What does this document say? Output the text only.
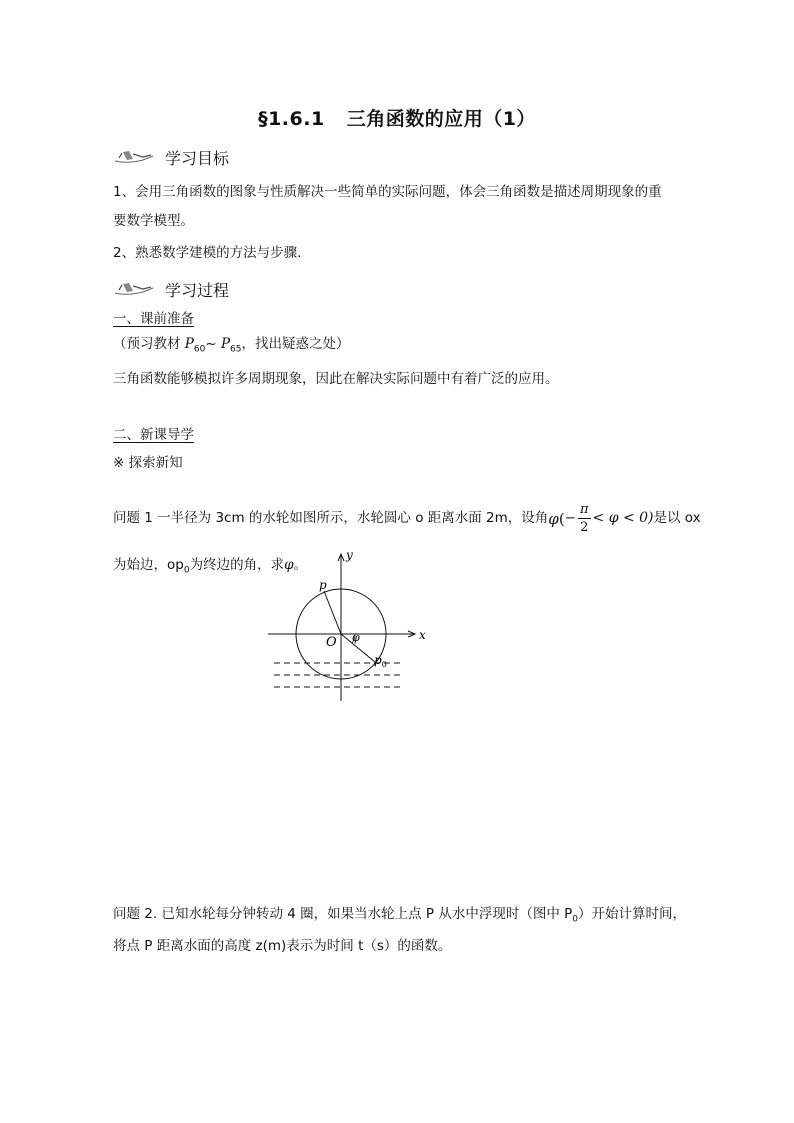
§1.6.1 三角函数的应用（1）
学习目标
1、会用三角函数的图象与性质解决一些简单的实际问题，体会三角函数是描述周期现象的重
要数学模型。
2、熟悉数学建模的方法与步骤.
学习过程
一、课前准备
（预习教材 $P_{60}\sim$ $P_{65}$，找出疑惑之处）
三角函数能够模拟许多周期现象，因此在解决实际问题中有着广泛的应用。
二、新课导学
※ 探索新知
问题 1 一半径为 3cm 的水轮如图所示，水轮圆心 o 距离水面 2m，设角 φ ( − $\frac{\pi}{2} < \varphi < 0$) 是以 ox
为始边，$op_0$为终边的角，求φ。
y
x
O
p
$p_0$
φ
问题 2. 已知水轮每分钟转动 4 圈，如果当水轮上点 P 从水中浮现时（图中 $P_0$）开始计算时间，
将点 P 距离水面的高度 z(m)表示为时间 t（s）的函数。
